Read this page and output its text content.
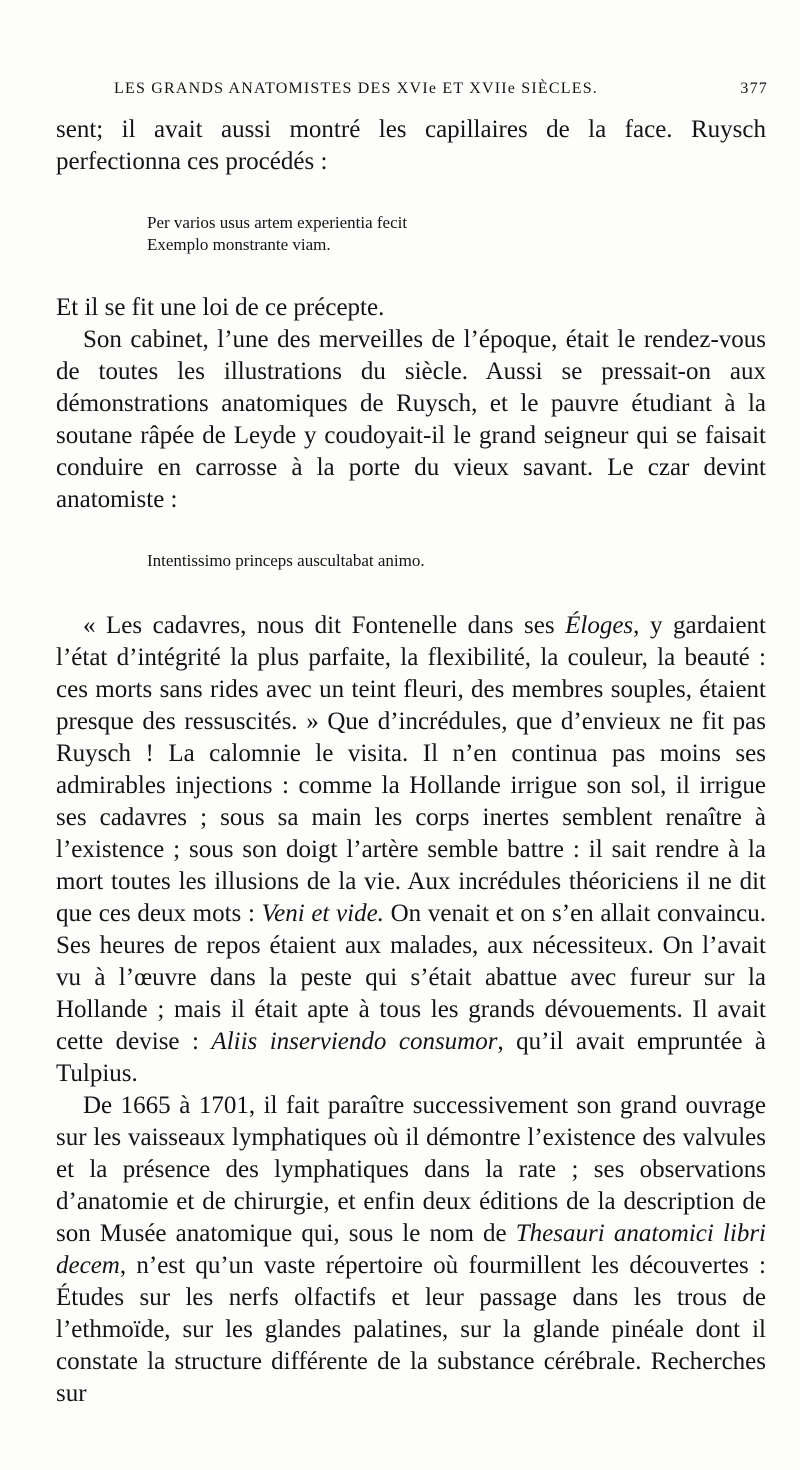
LES GRANDS ANATOMISTES DES XVIe ET XVIIe SIÈCLES.	377

sent; il avait aussi montré les capillaires de la face. Ruysch perfectionna ces procédés :

Per varios usus artem experientia fecit
Exemplo monstrante viam.

Et il se fit une loi de ce précepte.

Son cabinet, l’une des merveilles de l’époque, était le rendez-vous de toutes les illustrations du siècle. Aussi se pressait-on aux démonstrations anatomiques de Ruysch, et le pauvre étudiant à la soutane râpée de Leyde y coudoyait-il le grand seigneur qui se faisait conduire en carrosse à la porte du vieux savant. Le czar devint anatomiste :

Intentissimo princeps auscultabat animo.

« Les cadavres, nous dit Fontenelle dans ses Éloges, y gardaient l’état d’intégrité la plus parfaite, la flexibilité, la couleur, la beauté : ces morts sans rides avec un teint fleuri, des membres souples, étaient presque des ressuscités. » Que d’incrédules, que d’envieux ne fit pas Ruysch ! La calomnie le visita. Il n’en continua pas moins ses admirables injections : comme la Hollande irrigue son sol, il irrigue ses cadavres ; sous sa main les corps inertes semblent renaître à l’existence ; sous son doigt l’artère semble battre : il sait rendre à la mort toutes les illusions de la vie. Aux incrédules théoriciens il ne dit que ces deux mots : Veni et vide. On venait et on s’en allait convaincu. Ses heures de repos étaient aux malades, aux nécessiteux. On l’avait vu à l’œuvre dans la peste qui s’était abattue avec fureur sur la Hollande ; mais il était apte à tous les grands dévouements. Il avait cette devise : Aliis inserviendo consumor, qu’il avait empruntée à Tulpius.

De 1665 à 1701, il fait paraître successivement son grand ouvrage sur les vaisseaux lymphatiques où il démontre l’existence des valvules et la présence des lymphatiques dans la rate ; ses observations d’anatomie et de chirurgie, et enfin deux éditions de la description de son Musée anatomique qui, sous le nom de Thesauri anatomici libri decem, n’est qu’un vaste répertoire où fourmillent les découvertes : Études sur les nerfs olfactifs et leur passage dans les trous de l’ethmoïde, sur les glandes palatines, sur la glande pinéale dont il constate la structure différente de la substance cérébrale. Recherches sur
